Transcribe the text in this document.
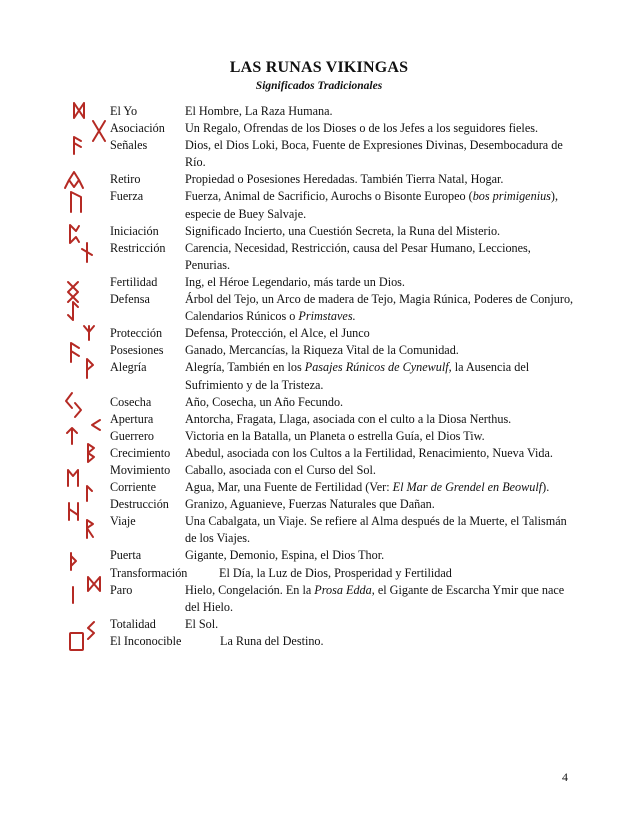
LAS RUNAS VIKINGAS
Significados Tradicionales
El Yo	El Hombre, La Raza Humana.
Asociación Un Regalo, Ofrendas de los Dioses o de los Jefes a los seguidores fieles.
Señales	Dios, el Dios Loki, Boca, Fuente de Expresiones Divinas, Desembocadura de Río.
Retiro	Propiedad o Posesiones Heredadas. También Tierra Natal, Hogar.
Fuerza	Fuerza, Animal de Sacrificio, Aurochs o Bisonte Europeo (bos primigenius), especie de Buey Salvaje.
Iniciación Significado Incierto, una Cuestión Secreta, la Runa del Misterio.
Restricción Carencia, Necesidad, Restricción, causa del Pesar Humano, Lecciones, Penurias.
Fertilidad Ing, el Héroe Legendario, más tarde un Dios.
Defensa	Árbol del Tejo, un Arco de madera de Tejo, Magia Rúnica, Poderes de Conjuro, Calendarios Rúnicos o Primstaves.
Protección Defensa, Protección, el Alce, el Junco
Posesiones Ganado, Mercancías, la Riqueza Vital de la Comunidad.
Alegría	Alegría, También en los Pasajes Rúnicos de Cynewulf, la Ausencia del Sufrimiento y de la Tristeza.
Cosecha	Año, Cosecha, un Año Fecundo.
Apertura	Antorcha, Fragata, Llaga, asociada con el culto a la Diosa Nerthus.
Guerrero	Victoria en la Batalla, un Planeta o estrella Guía, el Dios Tiw.
Crecimiento Abedul, asociada con los Cultos a la Fertilidad, Renacimiento, Nueva Vida.
Movimiento Caballo, asociada con el Curso del Sol.
Corriente Agua, Mar, una Fuente de Fertilidad (Ver: El Mar de Grendel en Beowulf).
Destrucción Granizo, Aguanieve, Fuerzas Naturales que Dañan.
Viaje	Una Cabalgata, un Viaje. Se refiere al Alma después de la Muerte, el Talismán de los Viajes.
Puerta	Gigante, Demonio, Espina, el Dios Thor.
Transformación	El Día, la Luz de Dios, Prosperidad y Fertilidad
Paro	Hielo, Congelación. En la Prosa Edda, el Gigante de Escarcha Ymir que nace del Hielo.
Totalidad El Sol.
El Inconocible	La Runa del Destino.
4
